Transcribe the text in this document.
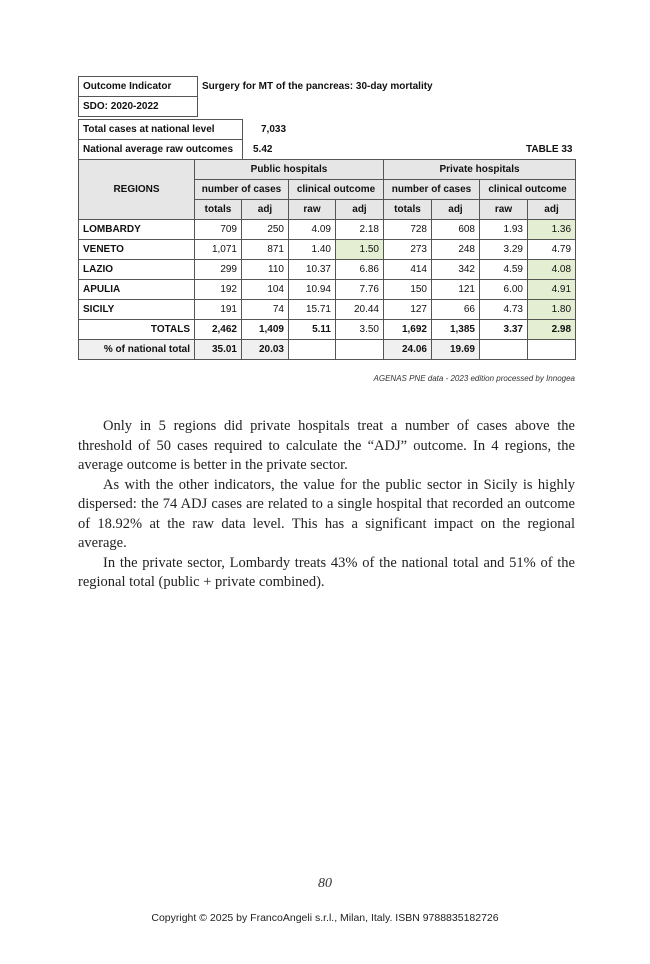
Outcome Indicator	Surgery for MT of the pancreas: 30-day mortality
SDO: 2020-2022	
Total cases at national level	7,033	
National average raw outcomes	5.42	TABLE 33
REGIONS	Public hospitals				Private hospitals			
	number of cases		clinical outcome		number of cases		clinical outcome	
	totals	adj	raw	adj	totals	adj	raw	adj
LOMBARDY	709	250	4.09	2.18	728	608	1.93	1.36
VENETO	1,071	871	1.40	1.50	273	248	3.29	4.79
LAZIO	299	110	10.37	6.86	414	342	4.59	4.08
APULIA	192	104	10.94	7.76	150	121	6.00	4.91
SICILY	191	74	15.71	20.44	127	66	4.73	1.80
TOTALS	2,462	1,409	5.11	3.50	1,692	1,385	3.37	2.98
% of national total	35.01	20.03			24.06	19.69		
AGENAS PNE data - 2023 edition processed by Innogea

Only in 5 regions did private hospitals treat a number of cases above the threshold of 50 cases required to calculate the “ADJ” outcome. In 4 regions, the average outcome is better in the private sector.

As with the other indicators, the value for the public sector in Sicily is highly dispersed: the 74 ADJ cases are related to a single hospital that recorded an outcome of 18.92% at the raw data level. This has a significant impact on the regional average.

In the private sector, Lombardy treats 43% of the national total and 51% of the regional total (public + private combined).

80
Copyright © 2025 by FrancoAngeli s.r.l., Milan, Italy. ISBN 9788835182726
